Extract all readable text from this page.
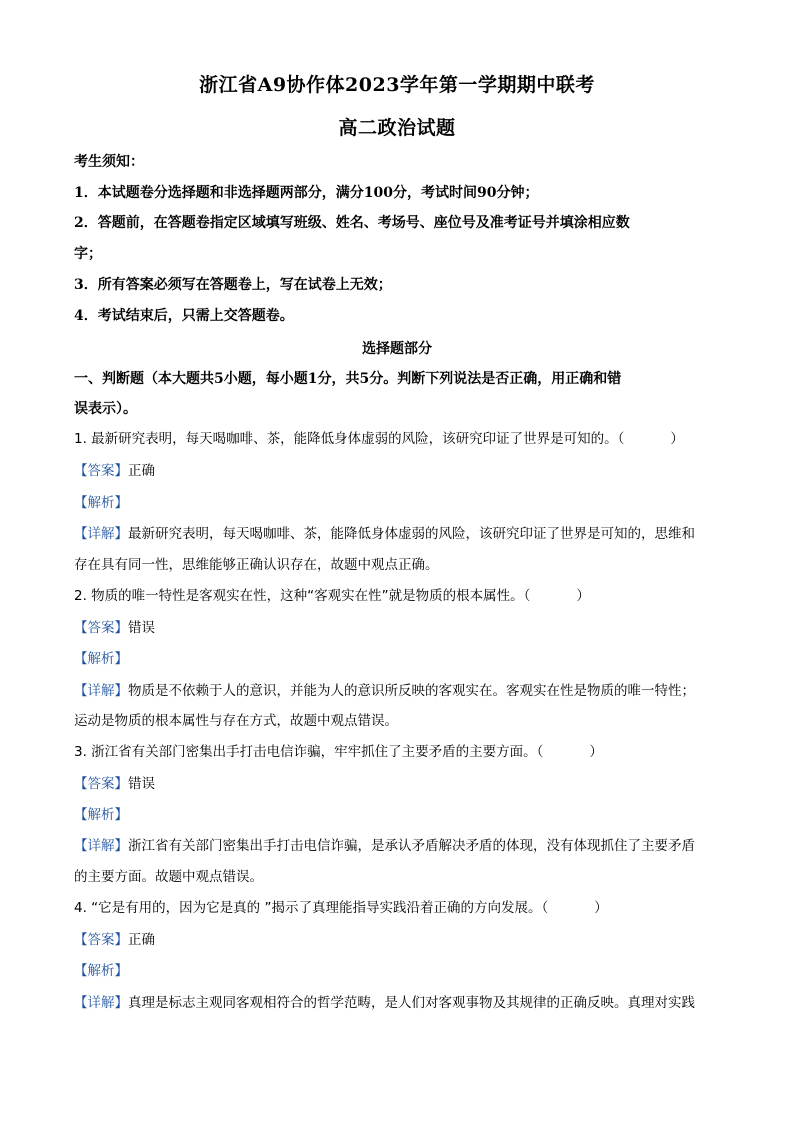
浙江省A9协作体2023学年第一学期期中联考
高二政治试题
考生须知：
1．本试题卷分选择题和非选择题两部分，满分100分，考试时间90分钟；
2．答题前，在答题卷指定区域填写班级、姓名、考场号、座位号及准考证号并填涂相应数
字；
3．所有答案必须写在答题卷上，写在试卷上无效；
4．考试结束后，只需上交答题卷。
选择题部分
一、判断题（本大题共5小题，每小题1分，共5分。判断下列说法是否正确，用正确和错
误表示）。
1. 最新研究表明，每天喝咖啡、茶，能降低身体虚弱的风险，该研究印证了世界是可知的。（	）
【答案】正确
【解析】
【详解】最新研究表明，每天喝咖啡、茶，能降低身体虚弱的风险，该研究印证了世界是可知的，思维和
存在具有同一性，思维能够正确认识存在，故题中观点正确。
2. 物质的唯一特性是客观实在性，这种“客观实在性”就是物质的根本属性。（	）
【答案】错误
【解析】
【详解】物质是不依赖于人的意识，并能为人的意识所反映的客观实在。客观实在性是物质的唯一特性；
运动是物质的根本属性与存在方式，故题中观点错误。
3. 浙江省有关部门密集出手打击电信诈骗，牢牢抓住了主要矛盾的主要方面。（	）
【答案】错误
【解析】
【详解】浙江省有关部门密集出手打击电信诈骗，是承认矛盾解决矛盾的体现，没有体现抓住了主要矛盾
的主要方面。故题中观点错误。
4. “它是有用的，因为它是真的 ”揭示了真理能指导实践沿着正确的方向发展。（	）
【答案】正确
【解析】
【详解】真理是标志主观同客观相符合的哲学范畴，是人们对客观事物及其规律的正确反映。真理对实践
